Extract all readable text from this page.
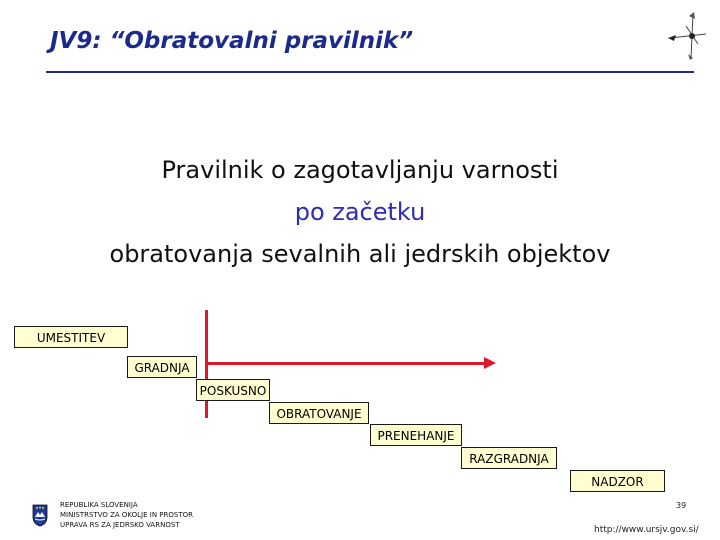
JV9: “Obratovalni pravilnik”
Pravilnik o zagotavljanju varnosti
po začetku
obratovanja sevalnih ali jedrskih objektov
UMESTITEV
GRADNJA
POSKUSNO
OBRATOVANJE
PRENEHANJE
RAZGRADNJA
NADZOR
REPUBLIKA SLOVENIJA
MINISTRSTVO ZA OKOLJE IN PROSTOR
UPRAVA RS ZA JEDRSKO VARNOST
39
http://www.ursjv.gov.si/
